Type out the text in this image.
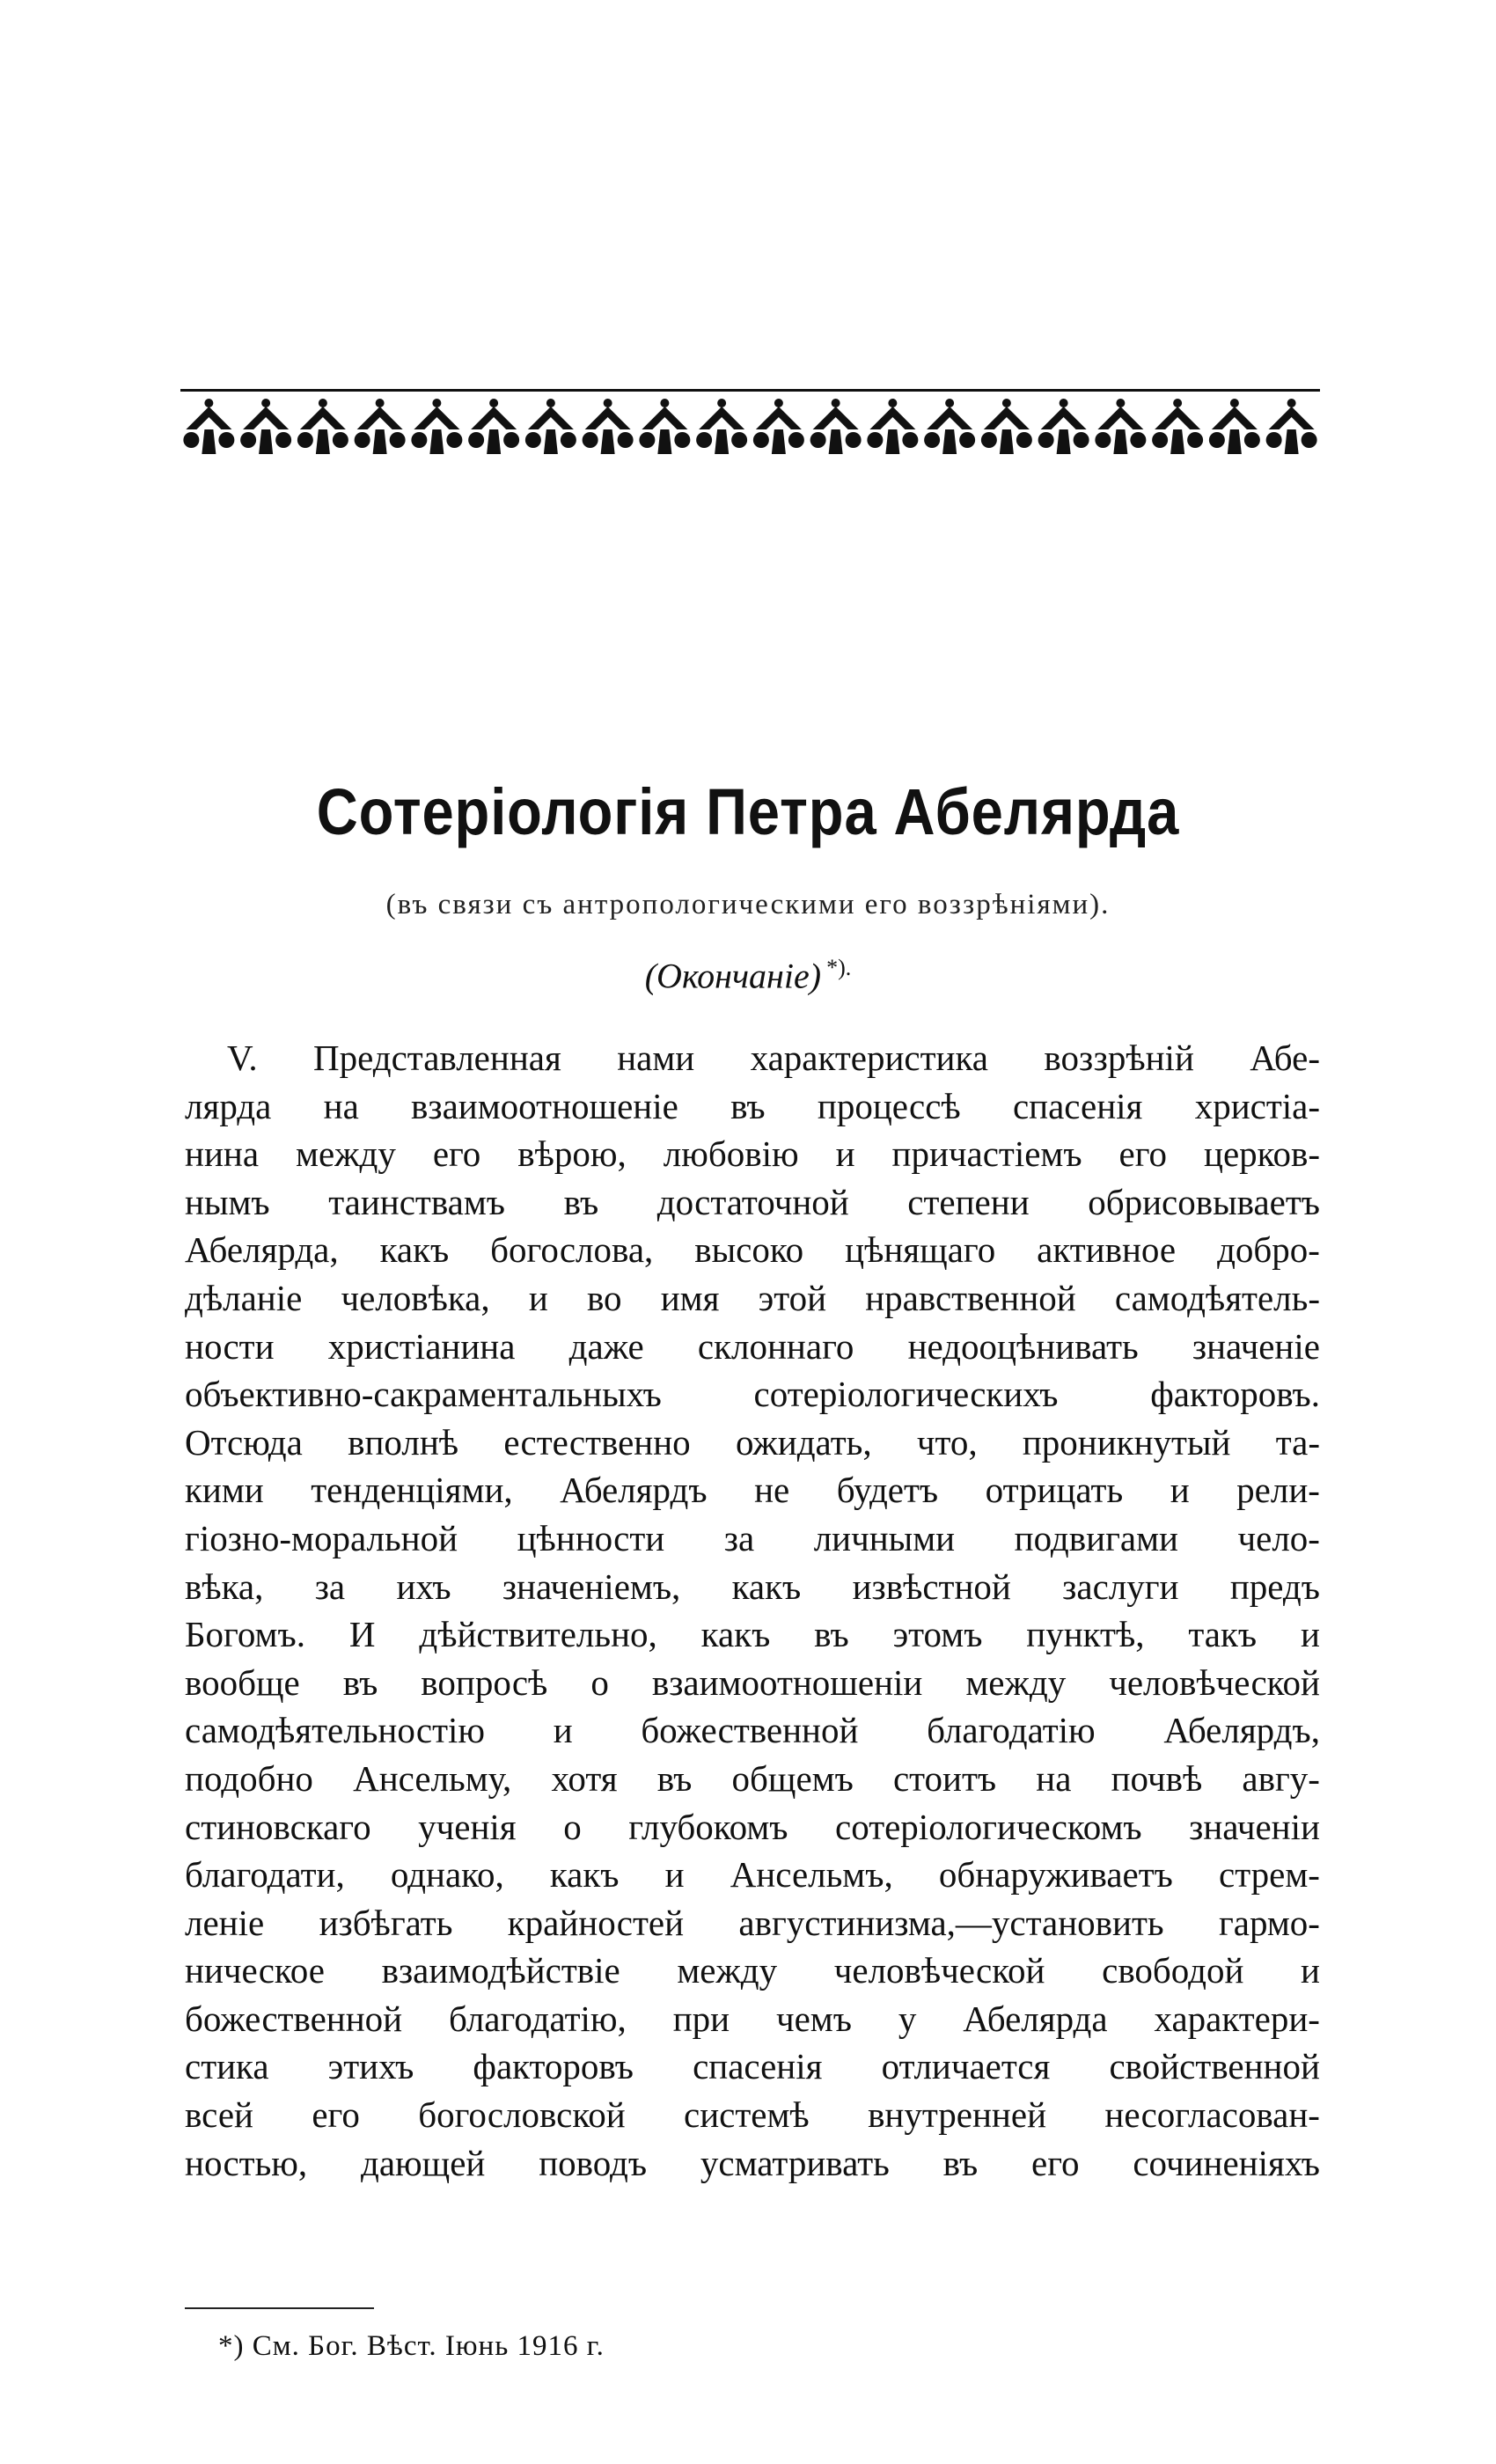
Сотеріологія Петра Абелярда
(въ связи съ антропологическими его воззрѣніями).
(Окончаніе) *).
V. Представленная нами характеристика воззрѣній Абе-
лярда на взаимоотношеніе въ процессѣ спасенія христіа-
нина между его вѣрою, любовію и причастіемъ его церков-
нымъ таинствамъ въ достаточной степени обрисовываетъ
Абелярда, какъ богослова, высоко цѣнящаго активное добро-
дѣланіе человѣка, и во имя этой нравственной самодѣятель-
ности христіанина даже склоннаго недооцѣнивать значеніе
объективно-сакраментальныхъ	сотеріологическихъ	факторовъ.
Отсюда вполнѣ естественно ожидать, что, проникнутый та-
кими тенденціями, Абелярдъ не будетъ отрицать и рели-
гіозно-моральной цѣнности за личными подвигами чело-
вѣка, за ихъ значеніемъ, какъ извѣстной заслуги предъ
Богомъ. И дѣйствительно, какъ въ этомъ пунктѣ, такъ и
вообще въ вопросѣ о взаимоотношеніи между человѣческой
самодѣятельностію и божественной благодатію Абелярдъ,
подобно Ансельму, хотя въ общемъ стоитъ на почвѣ авгу-
стиновскаго ученія о глубокомъ сотеріологическомъ значеніи
благодати, однако, какъ и Ансельмъ, обнаруживаетъ стрем-
леніе избѣгать крайностей августинизма,—установить гармо-
ническое взаимодѣйствіе между человѣческой свободой и
божественной благодатію, при чемъ у Абелярда характери-
стика этихъ факторовъ спасенія отличается свойственной
всей его богословской системѣ внутренней несогласован-
ностью, дающей поводъ усматривать въ его сочиненіяхъ
*) См. Бог. Вѣст. Іюнь 1916 г.
